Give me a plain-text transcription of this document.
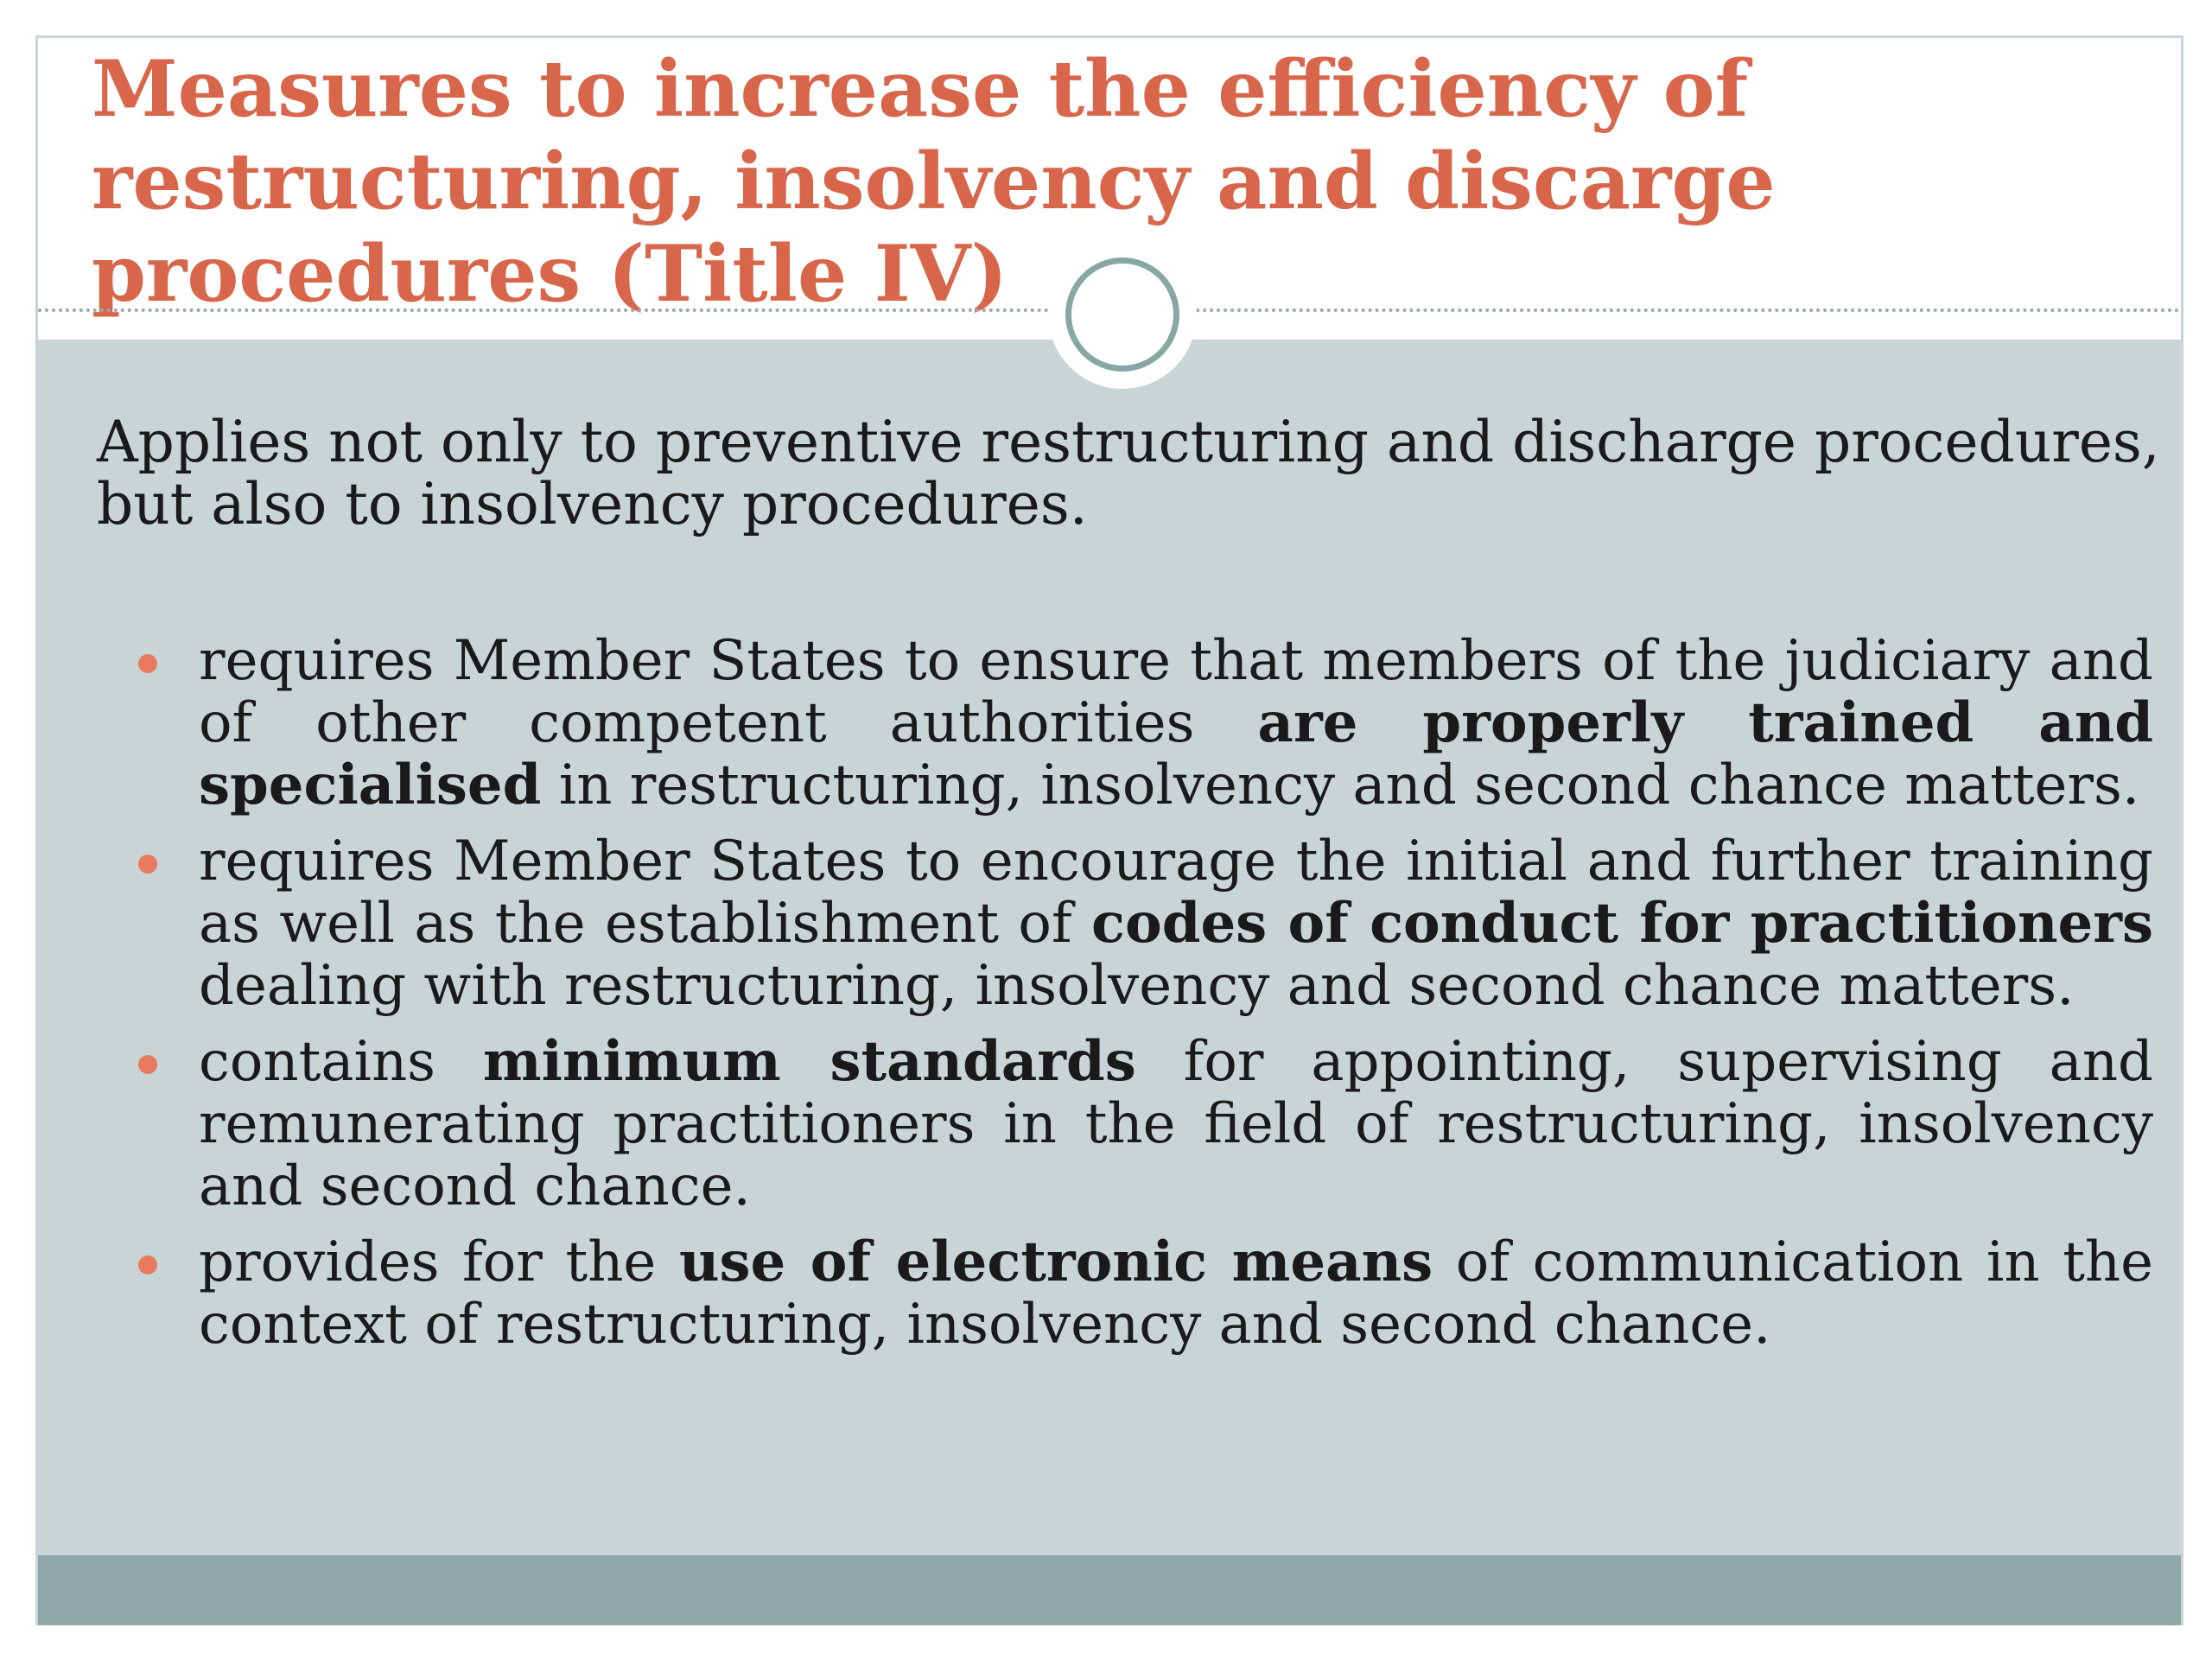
Measures to increase the efficiency of restructuring, insolvency and discarge procedures (Title IV)

Applies not only to preventive restructuring and discharge procedures, but also to insolvency procedures.

requires Member States to ensure that members of the judiciary and of other competent authorities are properly trained and specialised in restructuring, insolvency and second chance matters.
requires Member States to encourage the initial and further training as well as the establishment of codes of conduct for practitioners dealing with restructuring, insolvency and second chance matters.
contains minimum standards for appointing, supervising and remunerating practitioners in the field of restructuring, insolvency and second chance.
provides for the use of electronic means of communication in the context of restructuring, insolvency and second chance.
